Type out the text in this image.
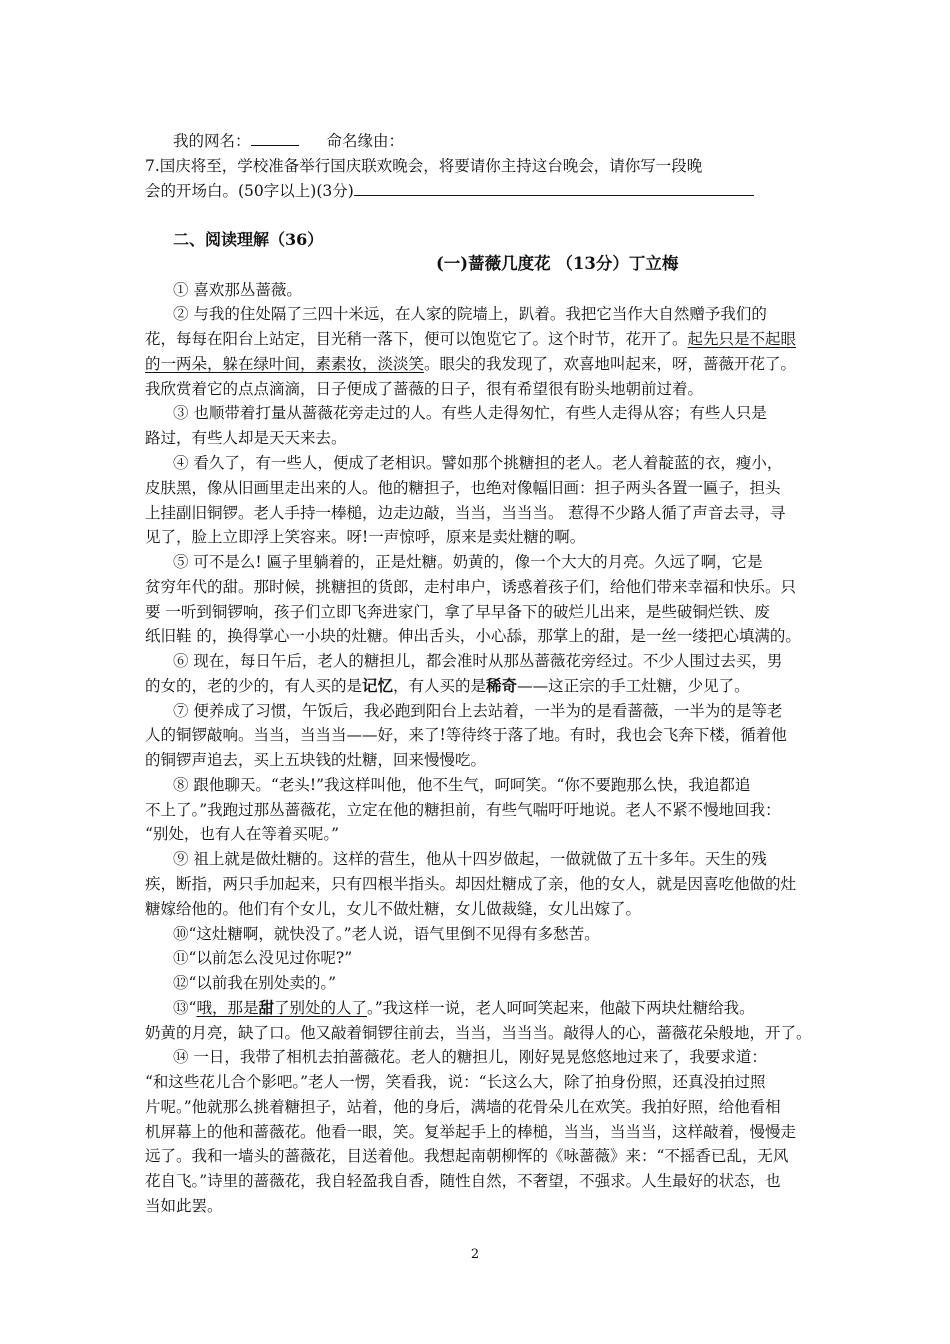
我的网名：	命名缘由：
7.国庆将至，学校准备举行国庆联欢晚会，将要请你主持这台晚会，请你写一段晚
会的开场白。(50字以上)(3分)
二、阅读理解（36）
(一)蔷薇几度花 （13分）丁立梅
① 喜欢那丛蔷薇。
② 与我的住处隔了三四十米远，在人家的院墙上，趴着。我把它当作大自然赠予我们的
花，每每在阳台上站定，目光稍一落下，便可以饱览它了。这个时节，花开了。起先只是不起眼
的一两朵，躲在绿叶间，素素妆，淡淡笑。眼尖的我发现了，欢喜地叫起来，呀，蔷薇开花了。
我欣赏着它的点点滴滴，日子便成了蔷薇的日子，很有希望很有盼头地朝前过着。
③ 也顺带着打量从蔷薇花旁走过的人。有些人走得匆忙，有些人走得从容；有些人只是
路过，有些人却是天天来去。
④ 看久了，有一些人，便成了老相识。譬如那个挑糖担的老人。老人着靛蓝的衣，瘦小，
皮肤黑，像从旧画里走出来的人。他的糖担子，也绝对像幅旧画：担子两头各置一匾子，担头
上挂副旧铜锣。老人手持一棒槌，边走边敲，当当，当当当。 惹得不少路人循了声音去寻，寻
见了，脸上立即浮上笑容来。呀!一声惊呼，原来是卖灶糖的啊。
⑤ 可不是么! 匾子里躺着的，正是灶糖。奶黄的，像一个大大的月亮。久远了啊，它是
贫穷年代的甜。那时候，挑糖担的货郎，走村串户，诱惑着孩子们，给他们带来幸福和快乐。只
要 一听到铜锣响，孩子们立即飞奔进家门，拿了早早备下的破烂儿出来，是些破铜烂铁、废
纸旧鞋 的，换得掌心一小块的灶糖。伸出舌头，小心舔，那掌上的甜，是一丝一缕把心填满的。
⑥ 现在，每日午后，老人的糖担儿，都会准时从那丛蔷薇花旁经过。不少人围过去买，男
的女的，老的少的，有人买的是记忆，有人买的是稀奇——这正宗的手工灶糖，少见了。
⑦ 便养成了习惯，午饭后，我必跑到阳台上去站着，一半为的是看蔷薇，一半为的是等老
人的铜锣敲响。当当，当当当——好，来了!等待终于落了地。有时，我也会飞奔下楼，循着他
的铜锣声追去，买上五块钱的灶糖，回来慢慢吃。
⑧ 跟他聊天。“老头!”我这样叫他，他不生气，呵呵笑。“你不要跑那么快，我追都追
不上了。”我跑过那丛蔷薇花，立定在他的糖担前，有些气喘吁吁地说。老人不紧不慢地回我：
“别处，也有人在等着买呢。”
⑨ 祖上就是做灶糖的。这样的营生，他从十四岁做起，一做就做了五十多年。天生的残
疾，断指，两只手加起来，只有四根半指头。却因灶糖成了亲，他的女人，就是因喜吃他做的灶
糖嫁给他的。他们有个女儿，女儿不做灶糖，女儿做裁缝，女儿出嫁了。
⑩“这灶糖啊，就快没了。”老人说，语气里倒不见得有多愁苦。
⑪“以前怎么没见过你呢?”
⑫“以前我在别处卖的。”
⑬“哦，那是甜了别处的人了。”我这样一说，老人呵呵笑起来，他敲下两块灶糖给我。
奶黄的月亮，缺了口。他又敲着铜锣往前去，当当，当当当。敲得人的心，蔷薇花朵般地，开了。
⑭ 一日，我带了相机去拍蔷薇花。老人的糖担儿，刚好晃晃悠悠地过来了，我要求道：
“和这些花儿合个影吧。”老人一愣，笑看我，说：“长这么大，除了拍身份照，还真没拍过照
片呢。”他就那么挑着糖担子，站着，他的身后，满墙的花骨朵儿在欢笑。我拍好照，给他看相
机屏幕上的他和蔷薇花。他看一眼，笑。复举起手上的棒槌，当当，当当当，这样敲着，慢慢走
远了。我和一墙头的蔷薇花，目送着他。我想起南朝柳恽的《咏蔷薇》来：“不摇香已乱，无风
花自飞。”诗里的蔷薇花，我自轻盈我自香，随性自然，不奢望，不强求。人生最好的状态，也
当如此罢。
2
